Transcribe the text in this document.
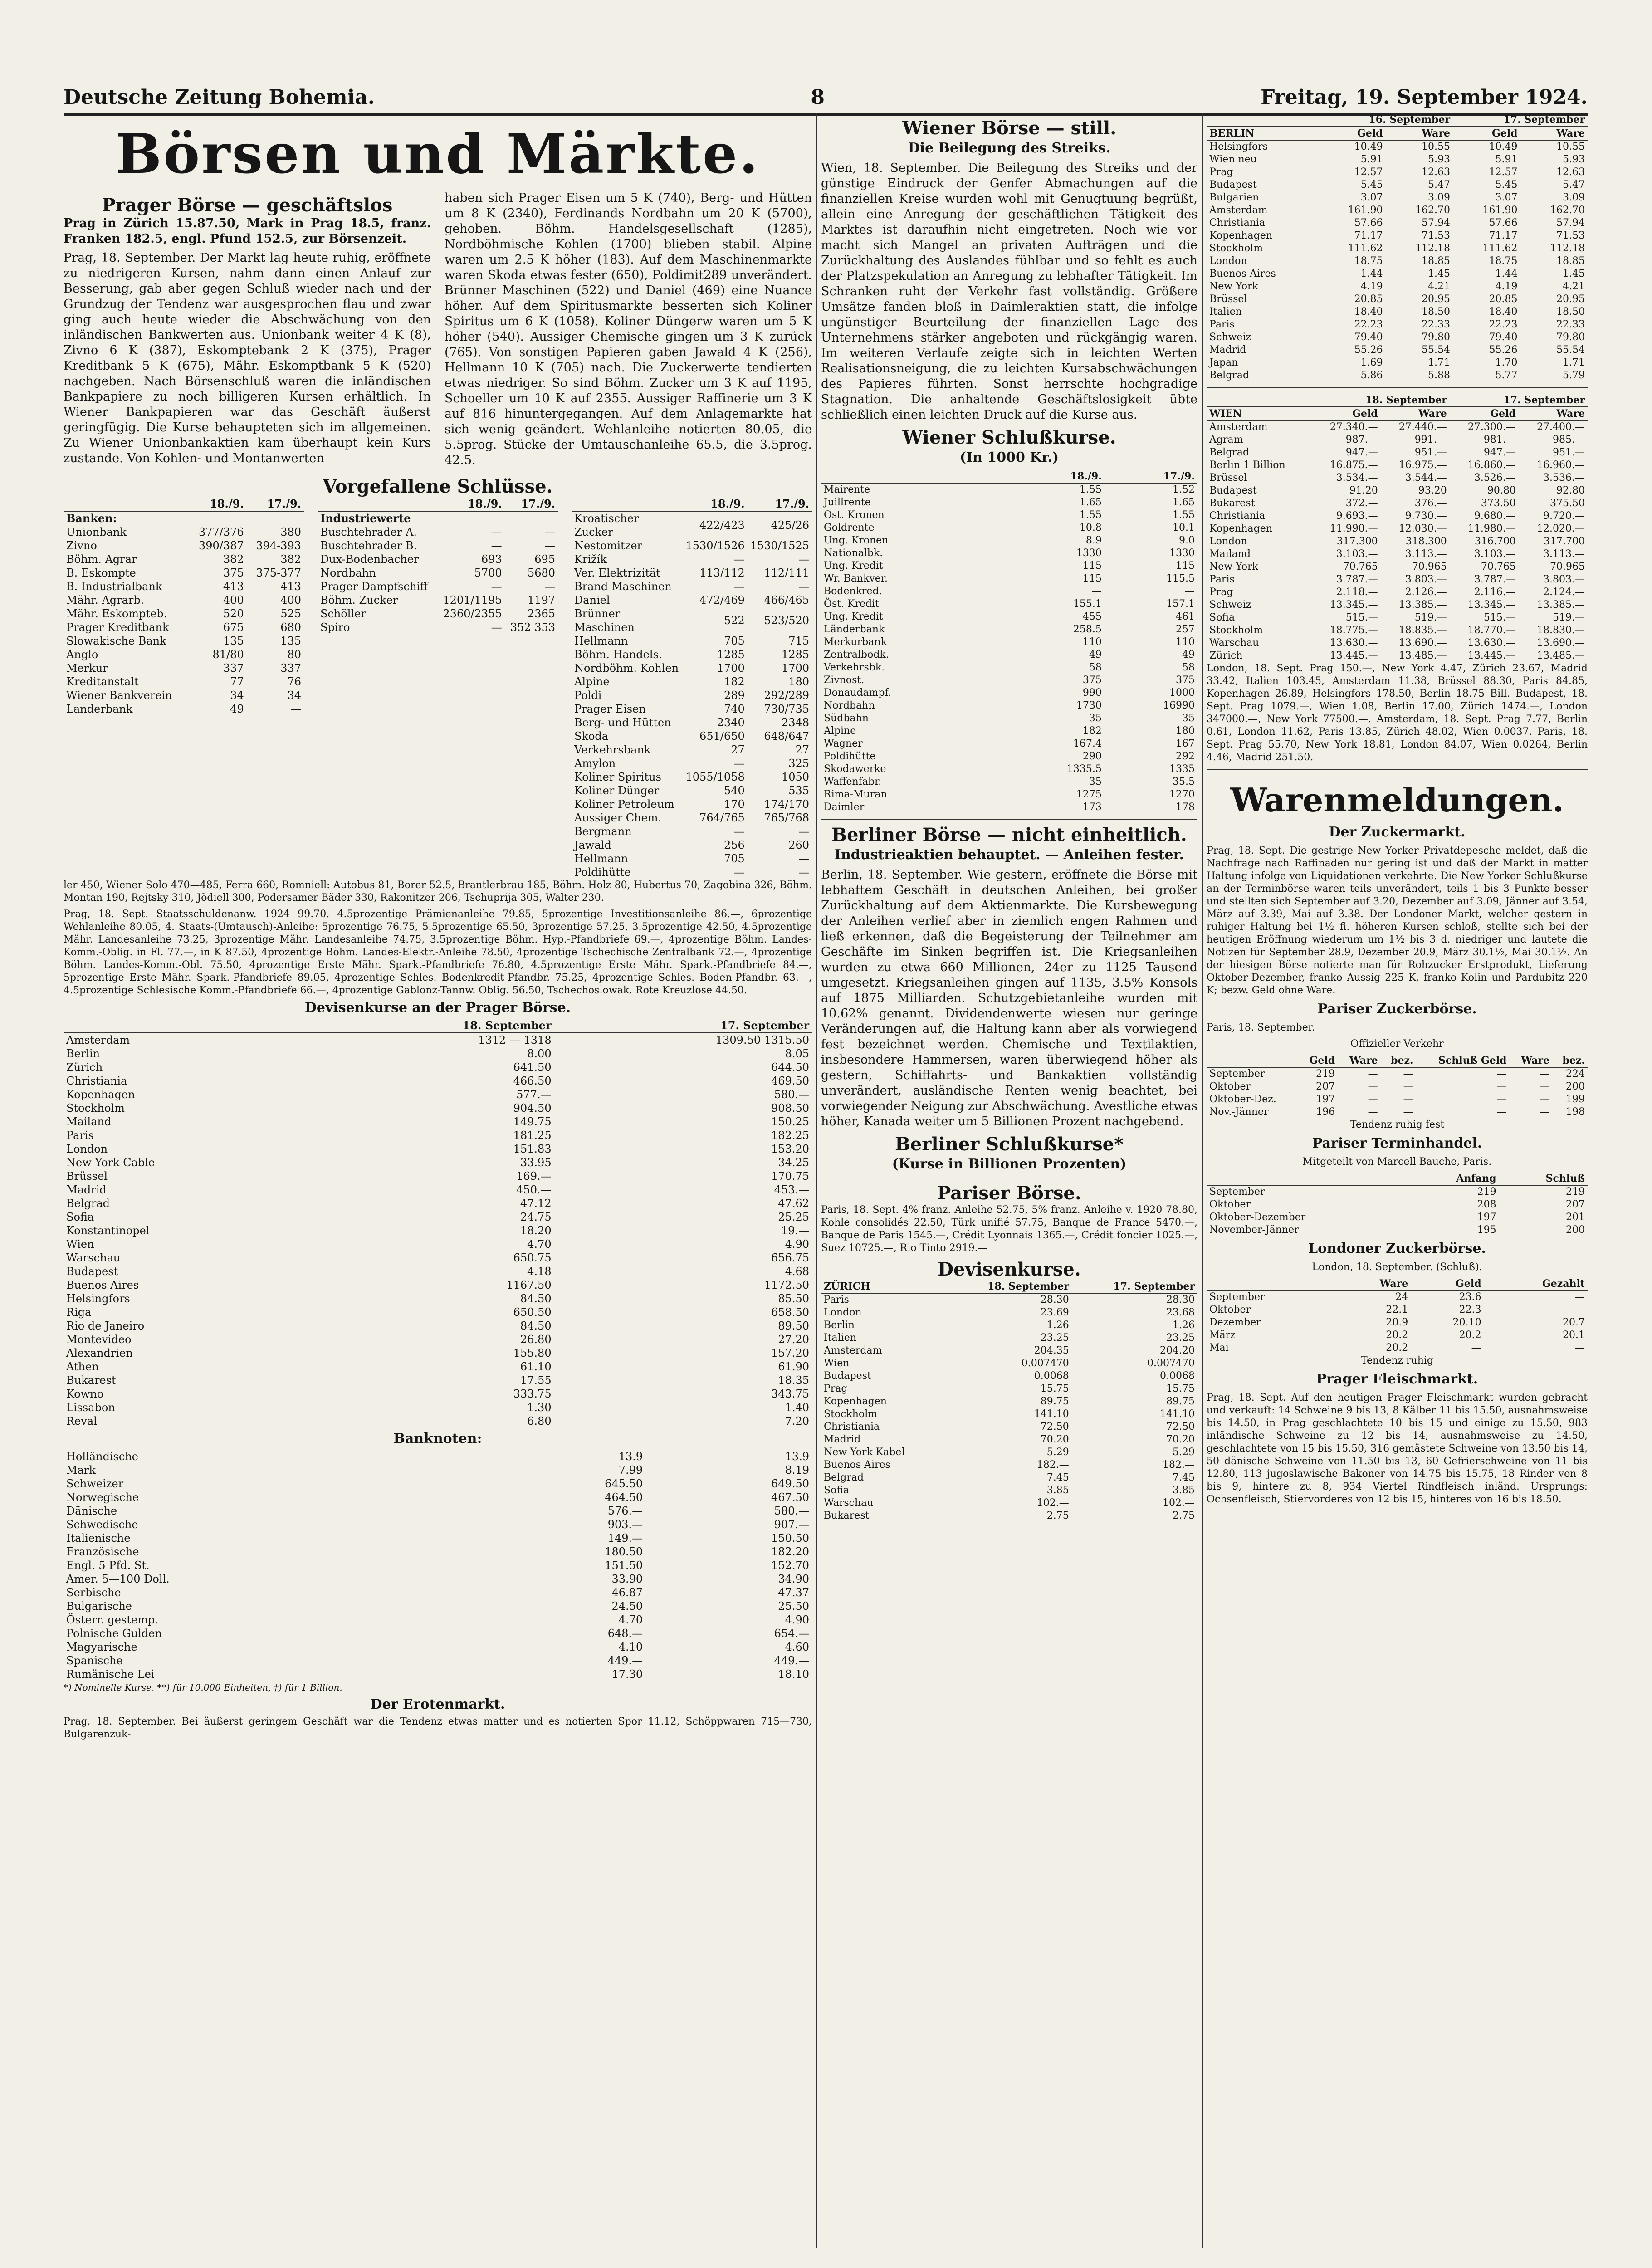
Deutsche Zeitung Bohemia.	8	Freitag, 19. September 1924.
Börsen und Märkte.
Prager Börse — geschäftslos

Prag in Zürich 15.87.50, Mark in Prag 18.5, franz. Franken 182.5, engl. Pfund 152.5, zur Börsenzeit.

Prag, 18. September. Der Markt lag heute ruhig, eröffnete zu niedrigeren Kursen, nahm dann einen Anlauf zur Besserung, gab aber gegen Schluß wieder nach und der Grundzug der Tendenz war ausgesprochen flau und zwar ging auch heute wieder die Abschwächung von den inländischen Bankwerten aus. Unionbank weiter 4 K (8), Zivno 6 K (387), Eskomptebank 2 K (375), Prager Kreditbank 5 K (675), Mähr. Eskomptbank 5 K (520) nachgeben. Nach Börsenschluß waren die inländischen Bankpapiere zu noch billigeren Kursen erhältlich. In Wiener Bankpapieren war das Geschäft äußerst geringfügig. Die Kurse behaupteten sich im allgemeinen. Zu Wiener Unionbankaktien kam überhaupt kein Kurs zustande. Von Kohlen- und Montanwerten

haben sich Prager Eisen um 5 K (740), Berg- und Hütten um 8 K (2340), Ferdinands Nordbahn um 20 K (5700), gehoben. Böhm. Handelsgesellschaft (1285), Nordböhmische Kohlen (1700) blieben stabil. Alpine waren um 2.5 K höher (183). Auf dem Maschinenmarkte waren Skoda etwas fester (650), Poldimit289 unverändert. Brünner Maschinen (522) und Daniel (469) eine Nuance höher. Auf dem Spiritusmarkte besserten sich Koliner Spiritus um 6 K (1058). Koliner Düngerw waren um 5 K höher (540). Aussiger Chemische gingen um 3 K zurück (765). Von sonstigen Papieren gaben Jawald 4 K (256), Hellmann 10 K (705) nach. Die Zuckerwerte tendierten etwas niedriger. So sind Böhm. Zucker um 3 K auf 1195, Schoeller um 10 K auf 2355. Aussiger Raffinerie um 3 K auf 816 hinuntergegangen. Auf dem Anlagemarkte hat sich wenig geändert. Wehlanleihe notierten 80.05, die 5.5prog. Stücke der Umtauschanleihe 65.5, die 3.5prog. 42.5.

Vorgefallene Schlüsse.
	18./9.	17./9.
Banken:		
Unionbank	377/376	380
Zivno	390/387	394-393
Böhm. Agrar	382	382
B. Eskompte	375	375-377
B. Industrialbank	413	413
Mähr. Agrarb.	400	400
Mähr. Eskompteb.	520	525
Prager Kreditbank	675	680
Slowakische Bank	135	135
Anglo	81/80	80
Merkur	337	337
Kreditanstalt	77	76
Wiener Bankverein	34	34
Landerbank	49	—
	18./9.	17./9.
Industriewerte		
Buschtehrader A.	—	—
Buschtehrader B.	—	—
Dux-Bodenbacher	693	695
Nordbahn	5700	5680
Prager Dampfschiff	—	—
Böhm. Zucker	1201/1195	1197
Schöller	2360/2355	2365
Spiro	—	352 353
	18./9.	17./9.
Kroatischer Zucker	422/423	425/26
Nestomitzer	1530/1526	1530/1525
Križík	—	—
Ver. Elektrizität	113/112	112/111
Brand Maschinen	—	—
Daniel	472/469	466/465
Brünner Maschinen	522	523/520
Hellmann	705	715
Böhm. Handels.	1285	1285
Nordböhm. Kohlen	1700	1700
Alpine	182	180
Poldi	289	292/289
Prager Eisen	740	730/735
Berg- und Hütten	2340	2348
Skoda	651/650	648/647
Verkehrsbank	27	27
Amylon	—	325
Koliner Spiritus	1055/1058	1050
Koliner Dünger	540	535
Koliner Petroleum	170	174/170
Aussiger Chem.	764/765	765/768
Bergmann	—	—
Jawald	256	260
Hellmann	705	—
Poldihütte	—	—

ler 450, Wiener Solo 470—485, Ferra 660, Romniell: Autobus 81, Borer 52.5, Brantlerbrau 185, Böhm. Holz 80, Hubertus 70, Zagobina 326, Böhm. Montan 190, Rejtsky 310, Jödiell 300, Podersamer Bäder 330, Rakonitzer 206, Tschuprija 305, Walter 230.

Prag, 18. Sept. Staatsschuldenanw. 1924 99.70. 4.5prozentige Prämienanleihe 79.85, 5prozentige Investitionsanleihe 86.—, 6prozentige Wehlanleihe 80.05, 4. Staats-(Umtausch)-Anleihe: 5prozentige 76.75, 5.5prozentige 65.50, 3prozentige 57.25, 3.5prozentige 42.50, 4.5prozentige Mähr. Landesanleihe 73.25, 3prozentige Mähr. Landesanleihe 74.75, 3.5prozentige Böhm. Hyp.-Pfandbriefe 69.—, 4prozentige Böhm. Landes-Komm.-Oblig. in Fl. 77.—, in K 87.50, 4prozentige Böhm. Landes-Elektr.-Anleihe 78.50, 4prozentige Tschechische Zentralbank 72.—, 4prozentige Böhm. Landes-Komm.-Obl. 75.50, 4prozentige Erste Mähr. Spark.-Pfandbriefe 76.80, 4.5prozentige Erste Mähr. Spark.-Pfandbriefe 84.—, 5prozentige Erste Mähr. Spark.-Pfandbriefe 89.05, 4prozentige Schles. Bodenkredit-Pfandbr. 75.25, 4prozentige Schles. Boden-Pfandbr. 63.—, 4.5prozentige Schlesische Komm.-Pfandbriefe 66.—, 4prozentige Gablonz-Tannw. Oblig. 56.50, Tschechoslowak. Rote Kreuzlose 44.50.

Devisenkurse an der Prager Börse.
	18. September	17. September
Amsterdam	1312 — 1318	1309.50 1315.50
Berlin	8.00	8.05
Zürich	641.50	644.50
Christiania	466.50	469.50
Kopenhagen	577.—	580.—
Stockholm	904.50	908.50
Mailand	149.75	150.25
Paris	181.25	182.25
London	151.83	153.20
New York Cable	33.95	34.25
Brüssel	169.—	170.75
Madrid	450.—	453.—
Belgrad	47.12	47.62
Sofia	24.75	25.25
Konstantinopel	18.20	19.—
Wien	4.70	4.90
Warschau	650.75	656.75
Budapest	4.18	4.68
Buenos Aires	1167.50	1172.50
Helsingfors	84.50	85.50
Riga	650.50	658.50
Rio de Janeiro	84.50	89.50
Montevideo	26.80	27.20
Alexandrien	155.80	157.20
Athen	61.10	61.90
Bukarest	17.55	18.35
Kowno	333.75	343.75
Lissabon	1.30	1.40
Reval	6.80	7.20
Banknoten:
Holländische	13.9	13.9
Mark	7.99	8.19
Schweizer	645.50	649.50
Norwegische	464.50	467.50
Dänische	576.—	580.—
Schwedische	903.—	907.—
Italienische	149.—	150.50
Französische	180.50	182.20
Engl. 5 Pfd. St.	151.50	152.70
Amer. 5—100 Doll.	33.90	34.90
Serbische	46.87	47.37
Bulgarische	24.50	25.50
Österr. gestemp.	4.70	4.90
Polnische Gulden	648.—	654.—
Magyarische	4.10	4.60
Spanische	449.—	449.—
Rumänische Lei	17.30	18.10

*) Nominelle Kurse, **) für 10.000 Einheiten, †) für 1 Billion.

Der Erotenmarkt.

Prag, 18. September. Bei äußerst geringem Geschäft war die Tendenz etwas matter und es notierten Spor 11.12, Schöppwaren 715—730, Bulgarenzuk-

Wiener Börse — still.
Die Beilegung des Streiks.

Wien, 18. September. Die Beilegung des Streiks und der günstige Eindruck der Genfer Abmachungen auf die finanziellen Kreise wurden wohl mit Genugtuung begrüßt, allein eine Anregung der geschäftlichen Tätigkeit des Marktes ist daraufhin nicht eingetreten. Noch wie vor macht sich Mangel an privaten Aufträgen und die Zurückhaltung des Auslandes fühlbar und so fehlt es auch der Platzspekulation an Anregung zu lebhafter Tätigkeit. Im Schranken ruht der Verkehr fast vollständig. Größere Umsätze fanden bloß in Daimleraktien statt, die infolge ungünstiger Beurteilung der finanziellen Lage des Unternehmens stärker angeboten und rückgängig waren. Im weiteren Verlaufe zeigte sich in leichten Werten Realisationsneigung, die zu leichten Kursabschwächungen des Papieres führten. Sonst herrschte hochgradige Stagnation. Die anhaltende Geschäftslosigkeit übte schließlich einen leichten Druck auf die Kurse aus.

Wiener Schlußkurse.
(In 1000 Kr.)
	18./9.	17./9.
Mairente	1.55	1.52
Juillrente	1.65	1.65
Ost. Kronen	1.55	1.55
Goldrente	10.8	10.1
Ung. Kronen	8.9	9.0
Nationalbk.	1330	1330
Ung. Kredit	115	115
Wr. Bankver.	115	115.5
Bodenkred.	—	—
Öst. Kredit	155.1	157.1
Ung. Kredit	455	461
Länderbank	258.5	257
Merkurbank	110	110
Zentralbodk.	49	49
Verkehrsbk.	58	58
Zivnost.	375	375
Donaudampf.	990	1000
Nordbahn	1730	16990
Südbahn	35	35
Alpine	182	180
Wagner	167.4	167
Poldihütte	290	292
Skodawerke	1335.5	1335
Waffenfabr.	35	35.5
Rima-Muran	1275	1270
Daimler	173	178
Berliner Börse — nicht einheitlich.
Industrieaktien behauptet. — Anleihen fester.

Berlin, 18. September. Wie gestern, eröffnete die Börse mit lebhaftem Geschäft in deutschen Anleihen, bei großer Zurückhaltung auf dem Aktienmarkte. Die Kursbewegung der Anleihen verlief aber in ziemlich engen Rahmen und ließ erkennen, daß die Begeisterung der Teilnehmer am Geschäfte im Sinken begriffen ist. Die Kriegsanleihen wurden zu etwa 660 Millionen, 24er zu 1125 Tausend umgesetzt. Kriegsanleihen gingen auf 1135, 3.5% Konsols auf 1875 Milliarden. Schutzgebietanleihe wurden mit 10.62% genannt. Dividendenwerte wiesen nur geringe Veränderungen auf, die Haltung kann aber als vorwiegend fest bezeichnet werden. Chemische und Textilaktien, insbesondere Hammersen, waren überwiegend höher als gestern, Schiffahrts- und Bankaktien vollständig unverändert, ausländische Renten wenig beachtet, bei vorwiegender Neigung zur Abschwächung. Avestliche etwas höher, Kanada weiter um 5 Billionen Prozent nachgebend.

Berliner Schlußkurse*
(Kurse in Billionen Prozenten)
Pariser Börse.

Paris, 18. Sept. 4% franz. Anleihe 52.75, 5% franz. Anleihe v. 1920 78.80, Kohle consolidés 22.50, Türk unifié 57.75, Banque de France 5470.—, Banque de Paris 1545.—, Crédit Lyonnais 1365.—, Crédit foncier 1025.—, Suez 10725.—, Rio Tinto 2919.—

Devisenkurse.
ZÜRICH	18. September	17. September
Paris	28.30	28.30
London	23.69	23.68
Berlin	1.26	1.26
Italien	23.25	23.25
Amsterdam	204.35	204.20
Wien	0.007470	0.007470
Budapest	0.0068	0.0068
Prag	15.75	15.75
Kopenhagen	89.75	89.75
Stockholm	141.10	141.10
Christiania	72.50	72.50
Madrid	70.20	70.20
New York Kabel	5.29	5.29
Buenos Aires	182.—	182.—
Belgrad	7.45	7.45
Sofia	3.85	3.85
Warschau	102.—	102.—
Bukarest	2.75	2.75
	16. September		17. September	
BERLIN	Geld	Ware	Geld	Ware
Helsingfors	10.49	10.55	10.49	10.55
Wien neu	5.91	5.93	5.91	5.93
Prag	12.57	12.63	12.57	12.63
Budapest	5.45	5.47	5.45	5.47
Bulgarien	3.07	3.09	3.07	3.09
Amsterdam	161.90	162.70	161.90	162.70
Christiania	57.66	57.94	57.66	57.94
Kopenhagen	71.17	71.53	71.17	71.53
Stockholm	111.62	112.18	111.62	112.18
London	18.75	18.85	18.75	18.85
Buenos Aires	1.44	1.45	1.44	1.45
New York	4.19	4.21	4.19	4.21
Brüssel	20.85	20.95	20.85	20.95
Italien	18.40	18.50	18.40	18.50
Paris	22.23	22.33	22.23	22.33
Schweiz	79.40	79.80	79.40	79.80
Madrid	55.26	55.54	55.26	55.54
Japan	1.69	1.71	1.70	1.71
Belgrad	5.86	5.88	5.77	5.79
	18. September		17. September	
WIEN	Geld	Ware	Geld	Ware
Amsterdam	27.340.—	27.440.—	27.300.—	27.400.—
Agram	987.—	991.—	981.—	985.—
Belgrad	947.—	951.—	947.—	951.—
Berlin 1 Billion	16.875.—	16.975.—	16.860.—	16.960.—
Brüssel	3.534.—	3.544.—	3.526.—	3.536.—
Budapest	91.20	93.20	90.80	92.80
Bukarest	372.—	376.—	373.50	375.50
Christiania	9.693.—	9.730.—	9.680.—	9.720.—
Kopenhagen	11.990.—	12.030.—	11.980.—	12.020.—
London	317.300	318.300	316.700	317.700
Mailand	3.103.—	3.113.—	3.103.—	3.113.—
New York	70.765	70.965	70.765	70.965
Paris	3.787.—	3.803.—	3.787.—	3.803.—
Prag	2.118.—	2.126.—	2.116.—	2.124.—
Schweiz	13.345.—	13.385.—	13.345.—	13.385.—
Sofia	515.—	519.—	515.—	519.—
Stockholm	18.775.—	18.835.—	18.770.—	18.830.—
Warschau	13.630.—	13.690.—	13.630.—	13.690.—
Zürich	13.445.—	13.485.—	13.445.—	13.485.—

London, 18. Sept. Prag 150.—, New York 4.47, Zürich 23.67, Madrid 33.42, Italien 103.45, Amsterdam 11.38, Brüssel 88.30, Paris 84.85, Kopenhagen 26.89, Helsingfors 178.50, Berlin 18.75 Bill. Budapest, 18. Sept. Prag 1079.—, Wien 1.08, Berlin 17.00, Zürich 1474.—, London 347000.—, New York 77500.—. Amsterdam, 18. Sept. Prag 7.77, Berlin 0.61, London 11.62, Paris 13.85, Zürich 48.02, Wien 0.0037. Paris, 18. Sept. Prag 55.70, New York 18.81, London 84.07, Wien 0.0264, Berlin 4.46, Madrid 251.50.

Warenmeldungen.
Der Zuckermarkt.

Prag, 18. Sept. Die gestrige New Yorker Privatdepesche meldet, daß die Nachfrage nach Raffinaden nur gering ist und daß der Markt in matter Haltung infolge von Liquidationen verkehrte. Die New Yorker Schlußkurse an der Terminbörse waren teils unverändert, teils 1 bis 3 Punkte besser und stellten sich September auf 3.20, Dezember auf 3.09, Jänner auf 3.54, März auf 3.39, Mai auf 3.38. Der Londoner Markt, welcher gestern in ruhiger Haltung bei 1½ fi. höheren Kursen schloß, stellte sich bei der heutigen Eröffnung wiederum um 1½ bis 3 d. niedriger und lautete die Notizen für September 28.9, Dezember 20.9, März 30.1½, Mai 30.1½. An der hiesigen Börse notierte man für Rohzucker Erstprodukt, Lieferung Oktober-Dezember, franko Aussig 225 K, franko Kolin und Pardubitz 220 K; bezw. Geld ohne Ware.

Pariser Zuckerbörse.

Paris, 18. September.

Offizieller Verkehr

	Geld	Ware	bez.	Schluß Geld	Ware	bez.
September	219	—	—	—	—	224
Oktober	207	—	—	—	—	200
Oktober-Dez.	197	—	—	—	—	199
Nov.-Jänner	196	—	—	—	—	198

Tendenz ruhig fest

Pariser Terminhandel.

Mitgeteilt von Marcell Bauche, Paris.

	Anfang	Schluß
September	219	219
Oktober	208	207
Oktober-Dezember	197	201
November-Jänner	195	200
Londoner Zuckerbörse.

London, 18. September. (Schluß).

	Ware	Geld	Gezahlt
September	24	23.6	—
Oktober	22.1	22.3	—
Dezember	20.9	20.10	20.7
März	20.2	20.2	20.1
Mai	20.2	—	—

Tendenz ruhig

Prager Fleischmarkt.

Prag, 18. Sept. Auf den heutigen Prager Fleischmarkt wurden gebracht und verkauft: 14 Schweine 9 bis 13, 8 Kälber 11 bis 15.50, ausnahmsweise bis 14.50, in Prag geschlachtete 10 bis 15 und einige zu 15.50, 983 inländische Schweine zu 12 bis 14, ausnahmsweise zu 14.50, geschlachtete von 15 bis 15.50, 316 gemästete Schweine von 13.50 bis 14, 50 dänische Schweine von 11.50 bis 13, 60 Gefrierschweine von 11 bis 12.80, 113 jugoslawische Bakoner von 14.75 bis 15.75, 18 Rinder von 8 bis 9, hintere zu 8, 934 Viertel Rindfleisch inländ. Ursprungs: Ochsenfleisch, Stiervorderes von 12 bis 15, hinteres von 16 bis 18.50.
